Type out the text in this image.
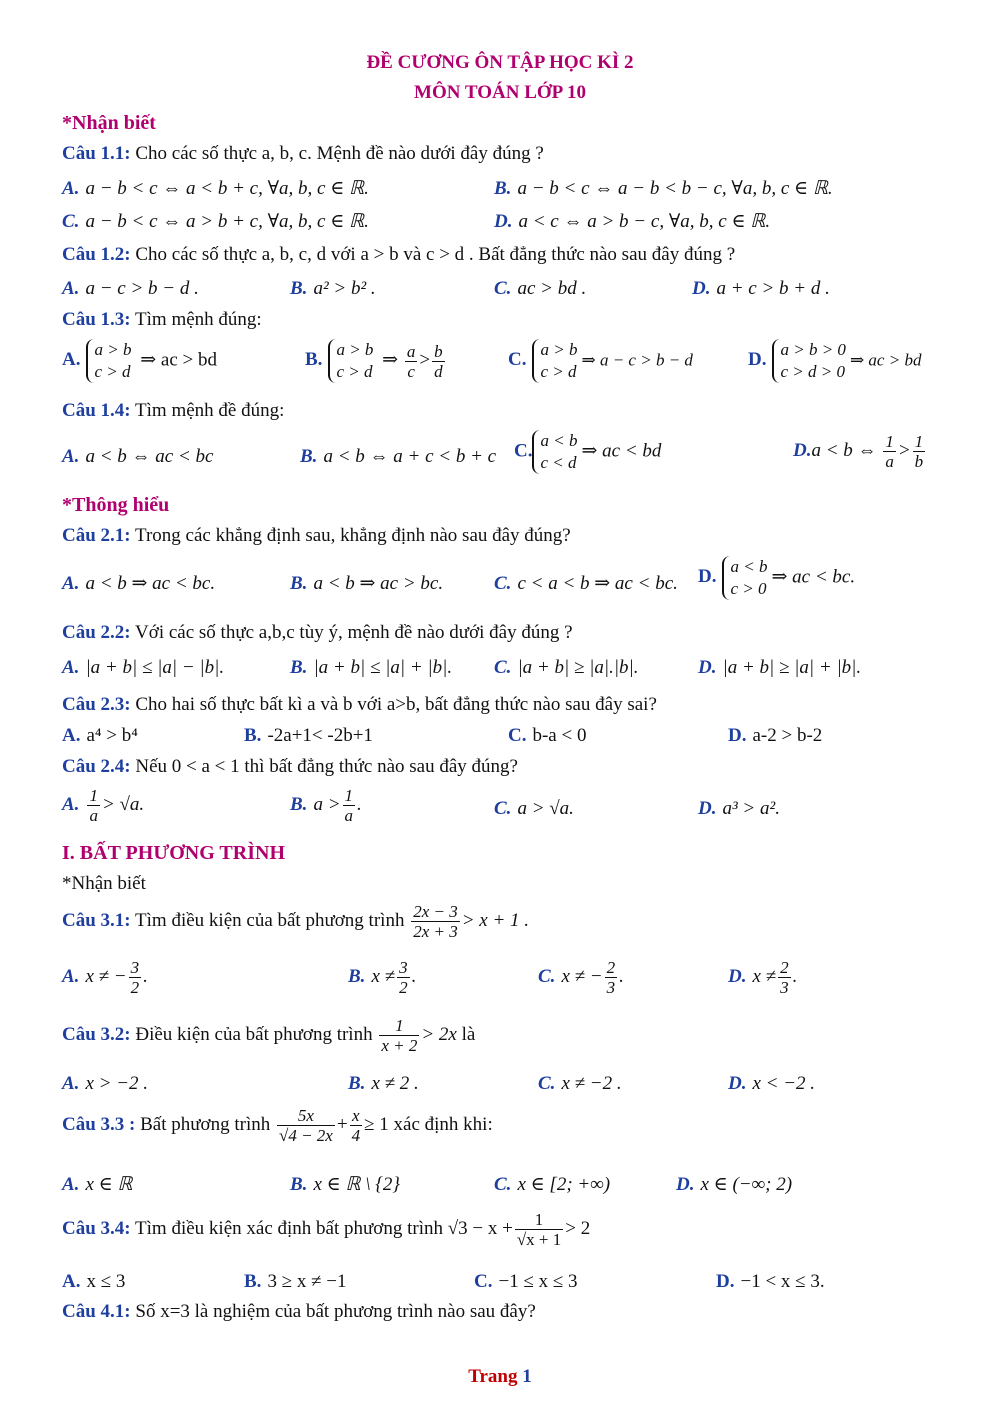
ĐỀ CƯƠNG ÔN TẬP HỌC KÌ 2
MÔN TOÁN LỚP 10
*Nhận biết
Câu 1.1: Cho các số thực a, b, c. Mệnh đề nào dưới đây đúng ?
A. a − b < c ⇔ a < b + c, ∀a, b, c ∈ ℝ.	B. a − b < c ⇔ a − b < b − c, ∀a, b, c ∈ ℝ.
C. a − b < c ⇔ a > b + c, ∀a, b, c ∈ ℝ.	D. a < c ⇔ a > b − c, ∀a, b, c ∈ ℝ.
Câu 1.2: Cho các số thực a, b, c, d với a > b và c > d . Bất đẳng thức nào sau đây đúng ?
A. a − c > b − d .	B. a² > b² .	C. ac > bd .	D. a + c > b + d .
Câu 1.3: Tìm mệnh đúng:
A. a > b
c > d ⇒ ac > bd	B. a > b
c > d ⇒ $\frac{a}{c} > \frac{b}{d}$	C. a > b
c > d⇒ a − c > b − d	D. a > b > 0
c > d > 0⇒ ac > bd
Câu 1.4: Tìm mệnh đề đúng:
A. a < b ⇔ ac < bc	B. a < b ⇔ a + c < b + c C. a < b
c < d⇒ ac < bd	D.a < b ⇔ $\frac{1}{a} > \frac{1}{b}$
*Thông hiểu
Câu 2.1: Trong các khẳng định sau, khẳng định nào sau đây đúng?
A. a < b ⇒ ac < bc.	B. a < b ⇒ ac > bc.	C. c < a < b ⇒ ac < bc. D. a < b
c > 0⇒ ac < bc.
Câu 2.2: Với các số thực a,b,c tùy ý, mệnh đề nào dưới đây đúng ?
A. |a + b| ≤ |a| − |b|.	B. |a + b| ≤ |a| + |b|. C. |a + b| ≥ |a|.|b|.	D. |a + b| ≥ |a| + |b|.
Câu 2.3: Cho hai số thực bất kì a và b với a>b, bất đẳng thức nào sau đây sai?
A. a⁴ > b⁴	B. -2a+1< -2b+1	C. b-a < 0	D. a-2 > b-2
Câu 2.4: Nếu 0 < a < 1 thì bất đẳng thức nào sau đây đúng?
A. $\frac{1}{a} > √a$.	B. $a > \frac{1}{a}$ .	C. a > √a.	D. a³ > a².
I. BẤT PHƯƠNG TRÌNH
*Nhận biết
Câu 3.1: Tìm điều kiện của bất phương trình $\frac{2x - 3}{2x + 3} > x + 1$ .
A. x ≠ − $\frac{3}{2}$ .	B. $x \ne \frac{3}{2}$ .	C. x ≠ − $\frac{2}{3}$ .	D. $x \ne \frac{2}{3}$ .
Câu 3.2: Điều kiện của bất phương trình $\frac{1}{x + 2} > 2x$ là
A. x > −2 .	B. x ≠ 2 .	C. x ≠ −2 .	D. x < −2 .
Câu 3.3 : Bất phương trình $\frac{5x}{√4 - 2x} + \frac{x}{4} \ge 1$ xác định khi:
A. x ∈ ℝ	B. x ∈ ℝ \ {2}	C. x ∈ [2; +∞)	D. x ∈ (−∞; 2)
Câu 3.4: Tìm điều kiện xác định bất phương trình $√3 - x + \frac{1}{√x + 1} > 2$
A. x ≤ 3	B. 3 ≥ x ≠ −1	C. −1 ≤ x ≤ 3	D. −1 < x ≤ 3.
Câu 4.1: Số x=3 là nghiệm của bất phương trình nào sau đây?
Trang 1
